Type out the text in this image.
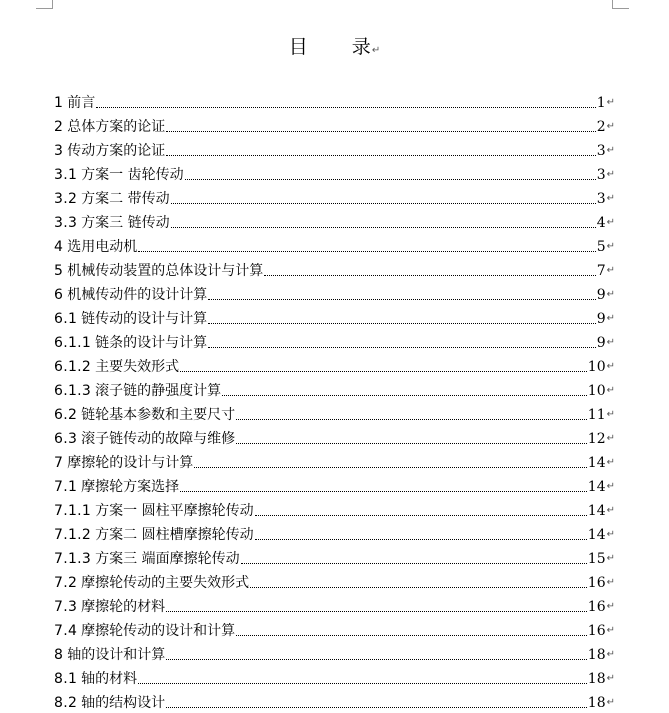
目 录↵
1 前言	1 ↵
2 总体方案的论证	2 ↵
3 传动方案的论证	3 ↵
3.1 方案一 齿轮传动	3 ↵
3.2 方案二 带传动	3 ↵
3.3 方案三 链传动	4 ↵
4 选用电动机	5 ↵
5 机械传动装置的总体设计与计算	7 ↵
6 机械传动件的设计计算	9 ↵
6.1 链传动的设计与计算	9 ↵
6.1.1 链条的设计与计算	9 ↵
6.1.2 主要失效形式	10 ↵
6.1.3 滚子链的静强度计算	10 ↵
6.2 链轮基本参数和主要尺寸	11 ↵
6.3 滚子链传动的故障与维修	12 ↵
7 摩擦轮的设计与计算	14 ↵
7.1 摩擦轮方案选择	14 ↵
7.1.1 方案一 圆柱平摩擦轮传动	14 ↵
7.1.2 方案二 圆柱槽摩擦轮传动	14 ↵
7.1.3 方案三 端面摩擦轮传动	15 ↵
7.2 摩擦轮传动的主要失效形式	16 ↵
7.3 摩擦轮的材料	16 ↵
7.4 摩擦轮传动的设计和计算	16 ↵
8 轴的设计和计算	18 ↵
8.1 轴的材料	18 ↵
8.2 轴的结构设计	18 ↵
